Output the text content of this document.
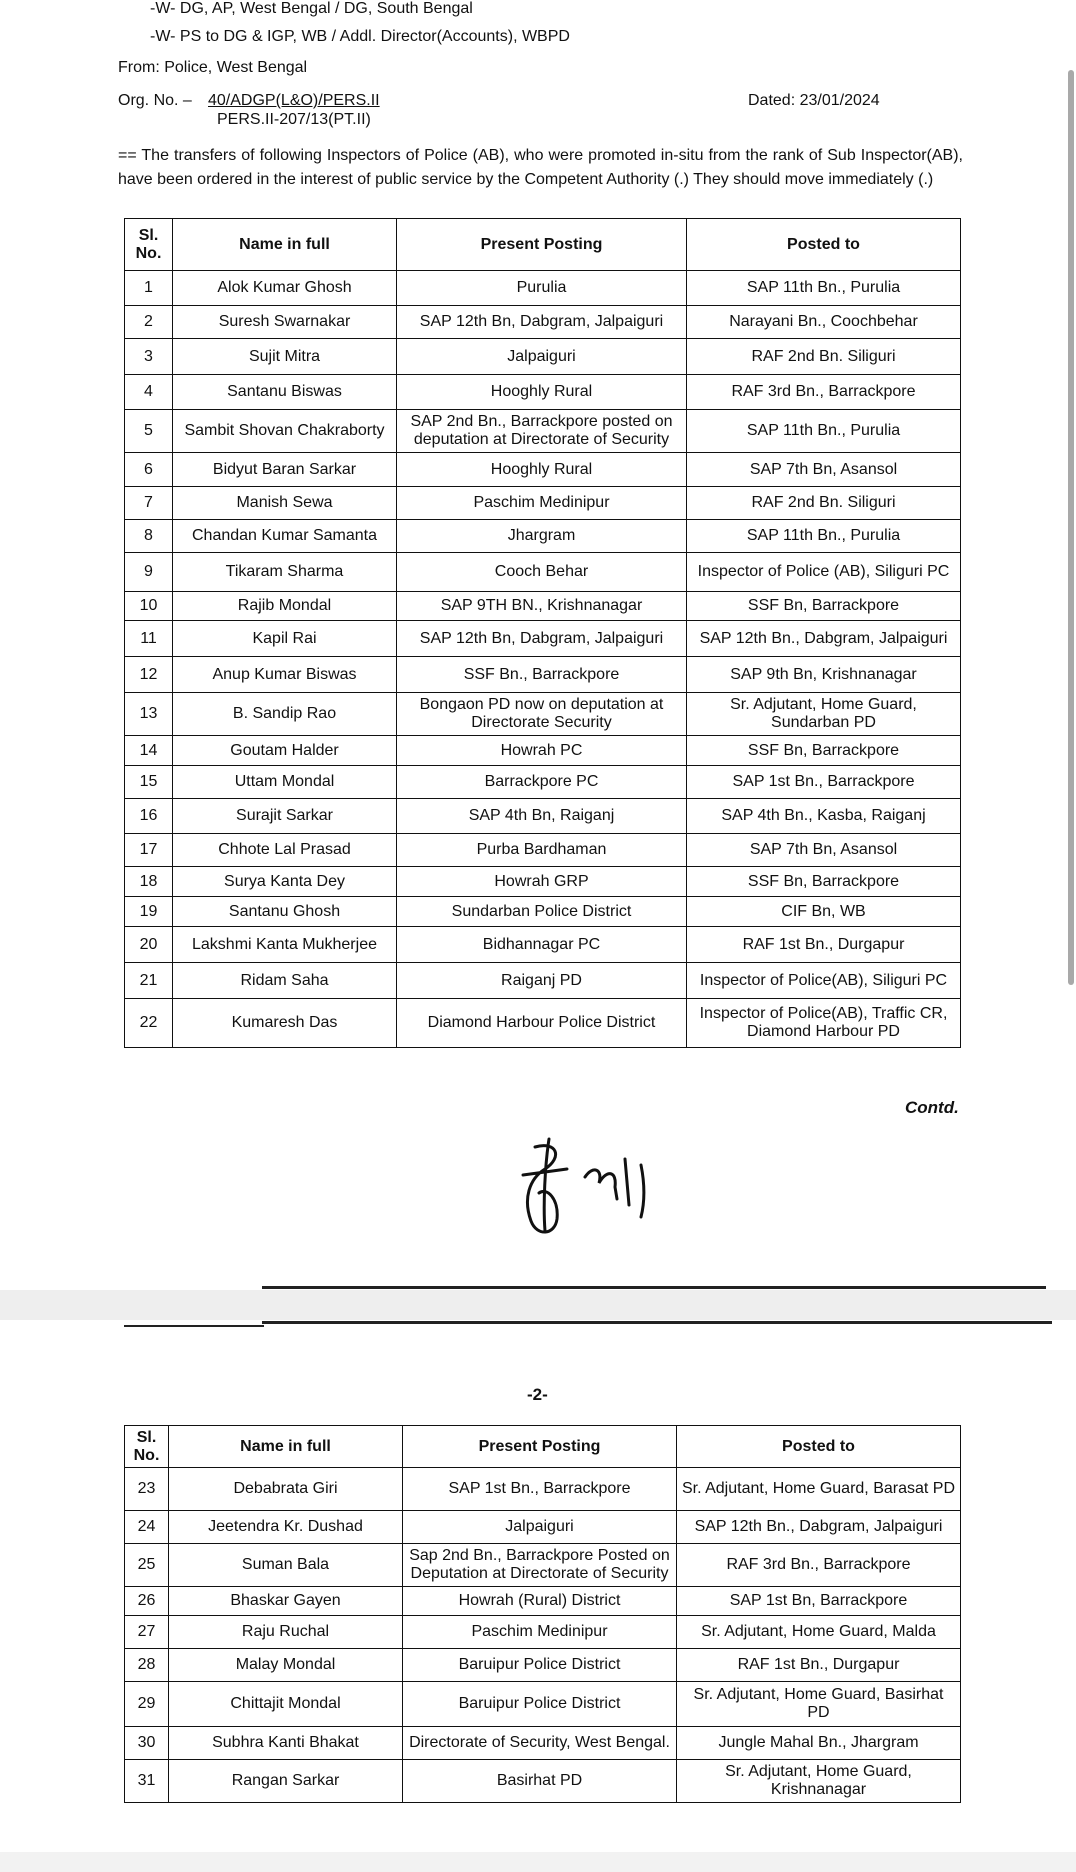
-W- DG, AP, West Bengal / DG, South Bengal
-W- PS to DG & IGP, WB / Addl. Director(Accounts), WBPD
From: Police, West Bengal
Org. No. – 40/ADGP(L&O)/PERS.II
PERS.II-207/13(PT.II)
Dated: 23/01/2024
== The transfers of following Inspectors of Police (AB), who were promoted in-situ from the rank of Sub Inspector(AB), have been ordered in the interest of public service by the Competent Authority (.) They should move immediately (.)
Sl. No.	Name in full	Present Posting	Posted to
1	Alok Kumar Ghosh	Purulia	SAP 11th Bn., Purulia
2	Suresh Swarnakar	SAP 12th Bn, Dabgram, Jalpaiguri	Narayani Bn., Coochbehar
3	Sujit Mitra	Jalpaiguri	RAF 2nd Bn. Siliguri
4	Santanu Biswas	Hooghly Rural	RAF 3rd Bn., Barrackpore
5	Sambit Shovan Chakraborty	SAP 2nd Bn., Barrackpore posted on deputation at Directorate of Security	SAP 11th Bn., Purulia
6	Bidyut Baran Sarkar	Hooghly Rural	SAP 7th Bn, Asansol
7	Manish Sewa	Paschim Medinipur	RAF 2nd Bn. Siliguri
8	Chandan Kumar Samanta	Jhargram	SAP 11th Bn., Purulia
9	Tikaram Sharma	Cooch Behar	Inspector of Police (AB), Siliguri PC
10	Rajib Mondal	SAP 9TH BN., Krishnanagar	SSF Bn, Barrackpore
11	Kapil Rai	SAP 12th Bn, Dabgram, Jalpaiguri	SAP 12th Bn., Dabgram, Jalpaiguri
12	Anup Kumar Biswas	SSF Bn., Barrackpore	SAP 9th Bn, Krishnanagar
13	B. Sandip Rao	Bongaon PD now on deputation at Directorate Security	Sr. Adjutant, Home Guard, Sundarban PD
14	Goutam Halder	Howrah PC	SSF Bn, Barrackpore
15	Uttam Mondal	Barrackpore PC	SAP 1st Bn., Barrackpore
16	Surajit Sarkar	SAP 4th Bn, Raiganj	SAP 4th Bn., Kasba, Raiganj
17	Chhote Lal Prasad	Purba Bardhaman	SAP 7th Bn, Asansol
18	Surya Kanta Dey	Howrah GRP	SSF Bn, Barrackpore
19	Santanu Ghosh	Sundarban Police District	CIF Bn, WB
20	Lakshmi Kanta Mukherjee	Bidhannagar PC	RAF 1st Bn., Durgapur
21	Ridam Saha	Raiganj PD	Inspector of Police(AB), Siliguri PC
22	Kumaresh Das	Diamond Harbour Police District	Inspector of Police(AB), Traffic CR, Diamond Harbour PD
Contd.
-2-
Sl. No.	Name in full	Present Posting	Posted to
23	Debabrata Giri	SAP 1st Bn., Barrackpore	Sr. Adjutant, Home Guard, Barasat PD
24	Jeetendra Kr. Dushad	Jalpaiguri	SAP 12th Bn., Dabgram, Jalpaiguri
25	Suman Bala	Sap 2nd Bn., Barrackpore Posted on Deputation at Directorate of Security	RAF 3rd Bn., Barrackpore
26	Bhaskar Gayen	Howrah (Rural) District	SAP 1st Bn, Barrackpore
27	Raju Ruchal	Paschim Medinipur	Sr. Adjutant, Home Guard, Malda
28	Malay Mondal	Baruipur Police District	RAF 1st Bn., Durgapur
29	Chittajit Mondal	Baruipur Police District	Sr. Adjutant, Home Guard, Basirhat PD
30	Subhra Kanti Bhakat	Directorate of Security, West Bengal.	Jungle Mahal Bn., Jhargram
31	Rangan Sarkar	Basirhat PD	Sr. Adjutant, Home Guard, Krishnanagar
